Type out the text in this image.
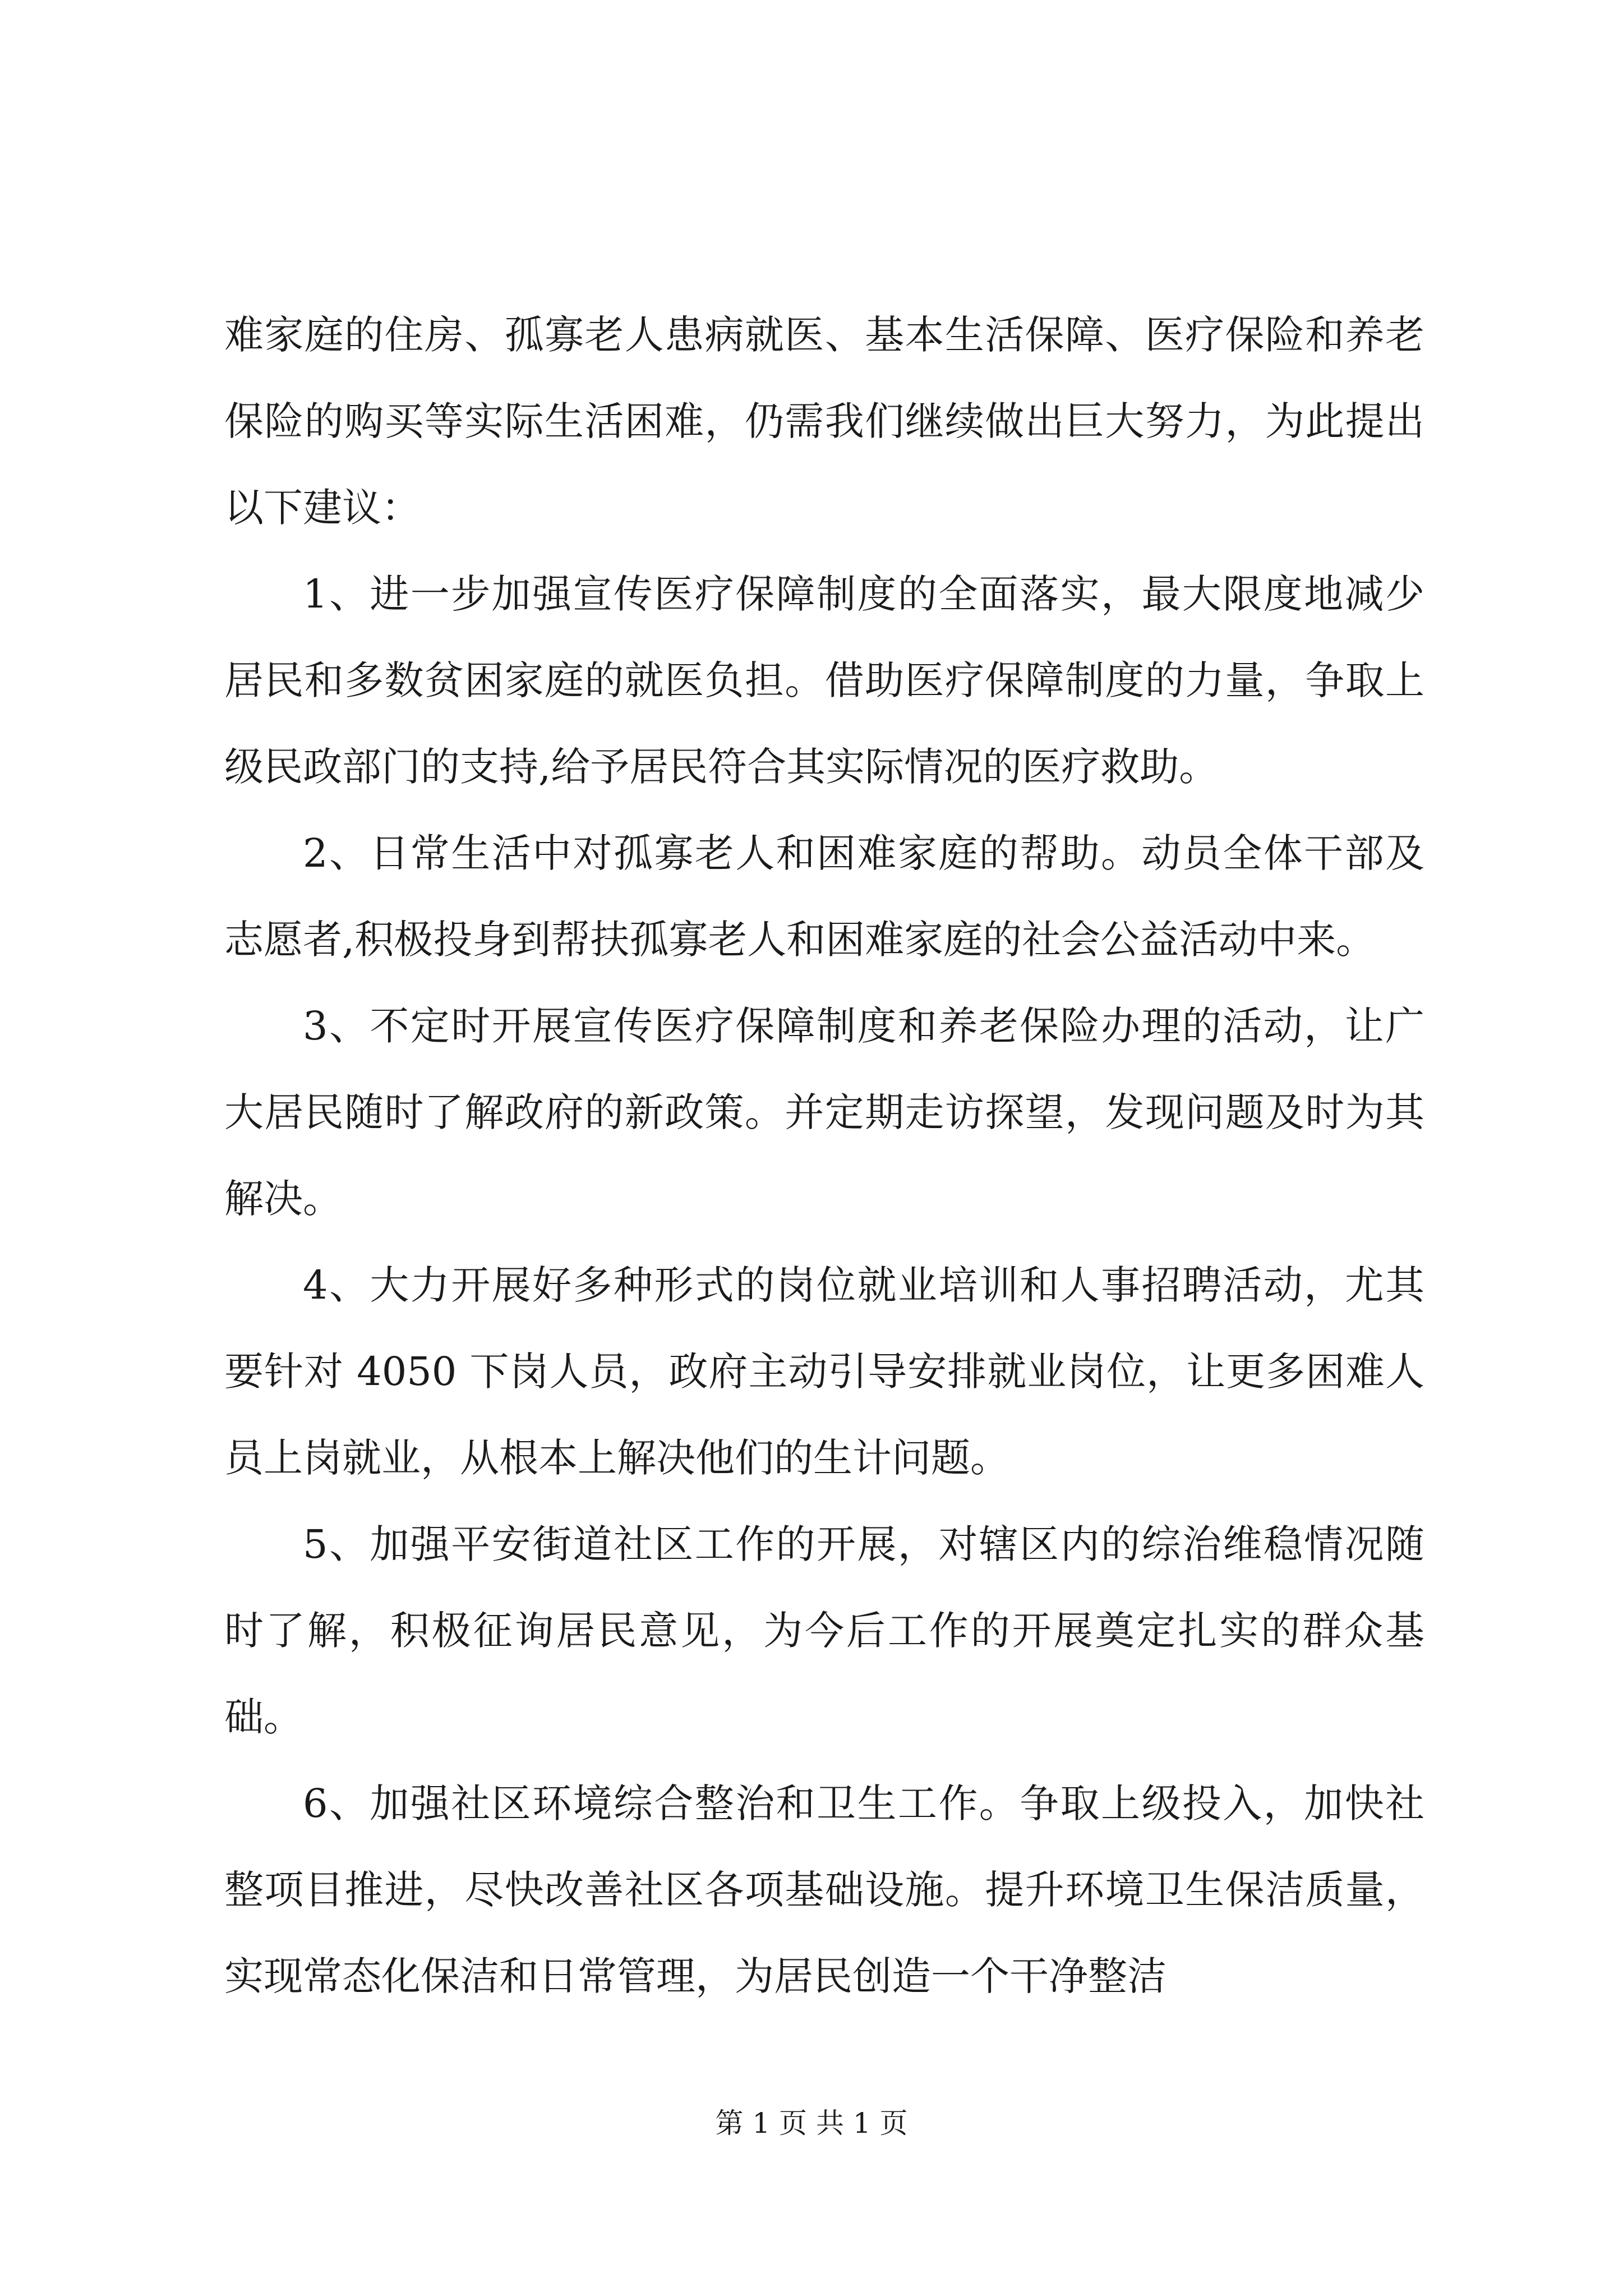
难家庭的住房、孤寡老人患病就医、基本生活保障、医疗保险和养老保险的购买等实际生活困难，仍需我们继续做出巨大努力，为此提出以下建议：

1、进一步加强宣传医疗保障制度的全面落实，最大限度地减少居民和多数贫困家庭的就医负担。借助医疗保障制度的力量，争取上级民政部门的支持,给予居民符合其实际情况的医疗救助。

2、日常生活中对孤寡老人和困难家庭的帮助。动员全体干部及志愿者,积极投身到帮扶孤寡老人和困难家庭的社会公益活动中来。

3、不定时开展宣传医疗保障制度和养老保险办理的活动，让广大居民随时了解政府的新政策。并定期走访探望，发现问题及时为其解决。

4、大力开展好多种形式的岗位就业培训和人事招聘活动，尤其要针对 4050 下岗人员，政府主动引导安排就业岗位，让更多困难人员上岗就业，从根本上解决他们的生计问题。

5、加强平安街道社区工作的开展，对辖区内的综治维稳情况随时了解，积极征询居民意见，为今后工作的开展奠定扎实的群众基础。

6、加强社区环境综合整治和卫生工作。争取上级投入，加快社整项目推进，尽快改善社区各项基础设施。提升环境卫生保洁质量，实现常态化保洁和日常管理，为居民创造一个干净整洁

第 1 页 共 1 页
